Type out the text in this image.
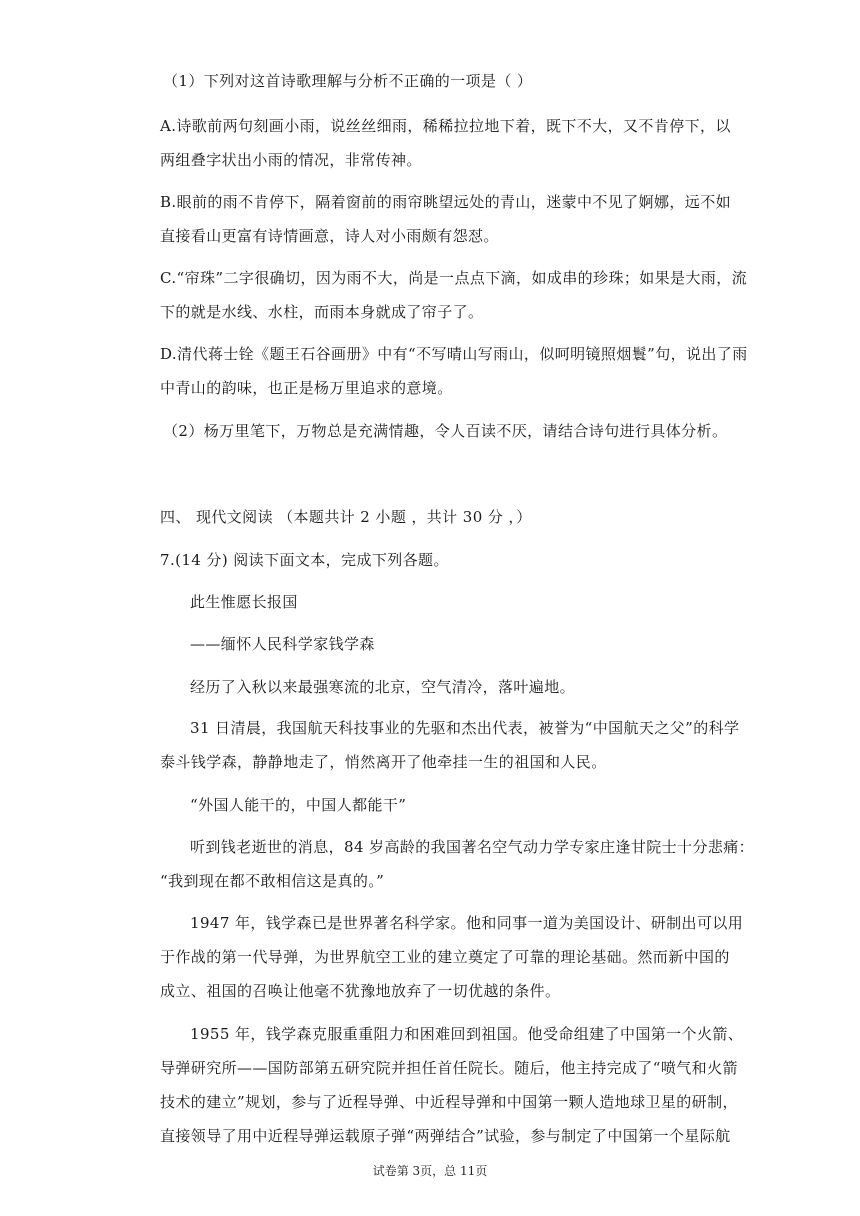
（1）下列对这首诗歌理解与分析不正确的一项是（ ）
A.诗歌前两句刻画小雨，说丝丝细雨，稀稀拉拉地下着，既下不大，又不肯停下，以
两组叠字状出小雨的情况，非常传神。
B.眼前的雨不肯停下，隔着窗前的雨帘眺望远处的青山，迷蒙中不见了婀娜，远不如
直接看山更富有诗情画意，诗人对小雨颇有怨怼。
C.“帘珠”二字很确切，因为雨不大，尚是一点点下滴，如成串的珍珠；如果是大雨，流
下的就是水线、水柱，而雨本身就成了帘子了。
D.清代蒋士铨《题王石谷画册》中有“不写晴山写雨山，似呵明镜照烟鬟”句，说出了雨
中青山的韵味，也正是杨万里追求的意境。
（2）杨万里笔下，万物总是充满情趣，令人百读不厌，请结合诗句进行具体分析。
四、 现代文阅读 （本题共计 2 小题 ，共计 30 分 ，）
7.(14 分) 阅读下面文本，完成下列各题。
此生惟愿长报国
——缅怀人民科学家钱学森
经历了入秋以来最强寒流的北京，空气清冷，落叶遍地。
31 日清晨，我国航天科技事业的先驱和杰出代表，被誉为“中国航天之父”的科学
泰斗钱学森，静静地走了，悄然离开了他牵挂一生的祖国和人民。
“外国人能干的，中国人都能干”
听到钱老逝世的消息，84 岁高龄的我国著名空气动力学专家庄逢甘院士十分悲痛：
“我到现在都不敢相信这是真的。”
1947 年，钱学森已是世界著名科学家。他和同事一道为美国设计、研制出可以用
于作战的第一代导弹，为世界航空工业的建立奠定了可靠的理论基础。然而新中国的
成立、祖国的召唤让他毫不犹豫地放弃了一切优越的条件。
1955 年，钱学森克服重重阻力和困难回到祖国。他受命组建了中国第一个火箭、
导弹研究所——国防部第五研究院并担任首任院长。随后，他主持完成了“喷气和火箭
技术的建立”规划，参与了近程导弹、中近程导弹和中国第一颗人造地球卫星的研制，
直接领导了用中近程导弹运载原子弹“两弹结合”试验，参与制定了中国第一个星际航
试卷第 3页，总 11页
